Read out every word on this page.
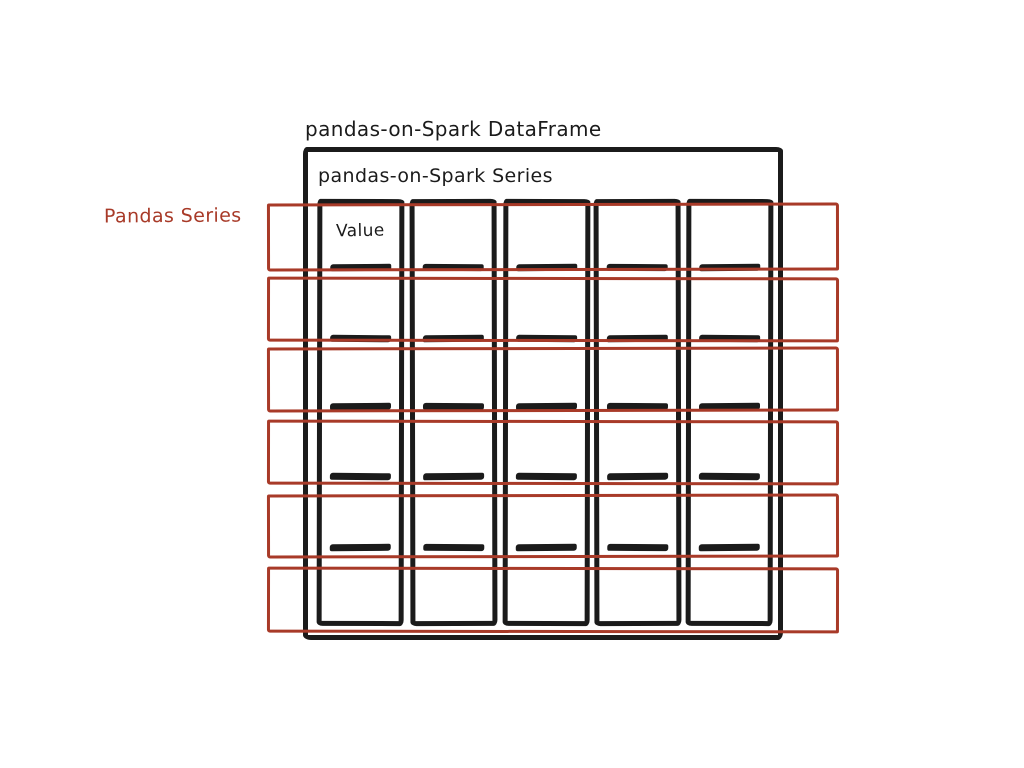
pandas-on-Spark DataFrame
pandas-on-Spark Series
Value
Pandas Series
